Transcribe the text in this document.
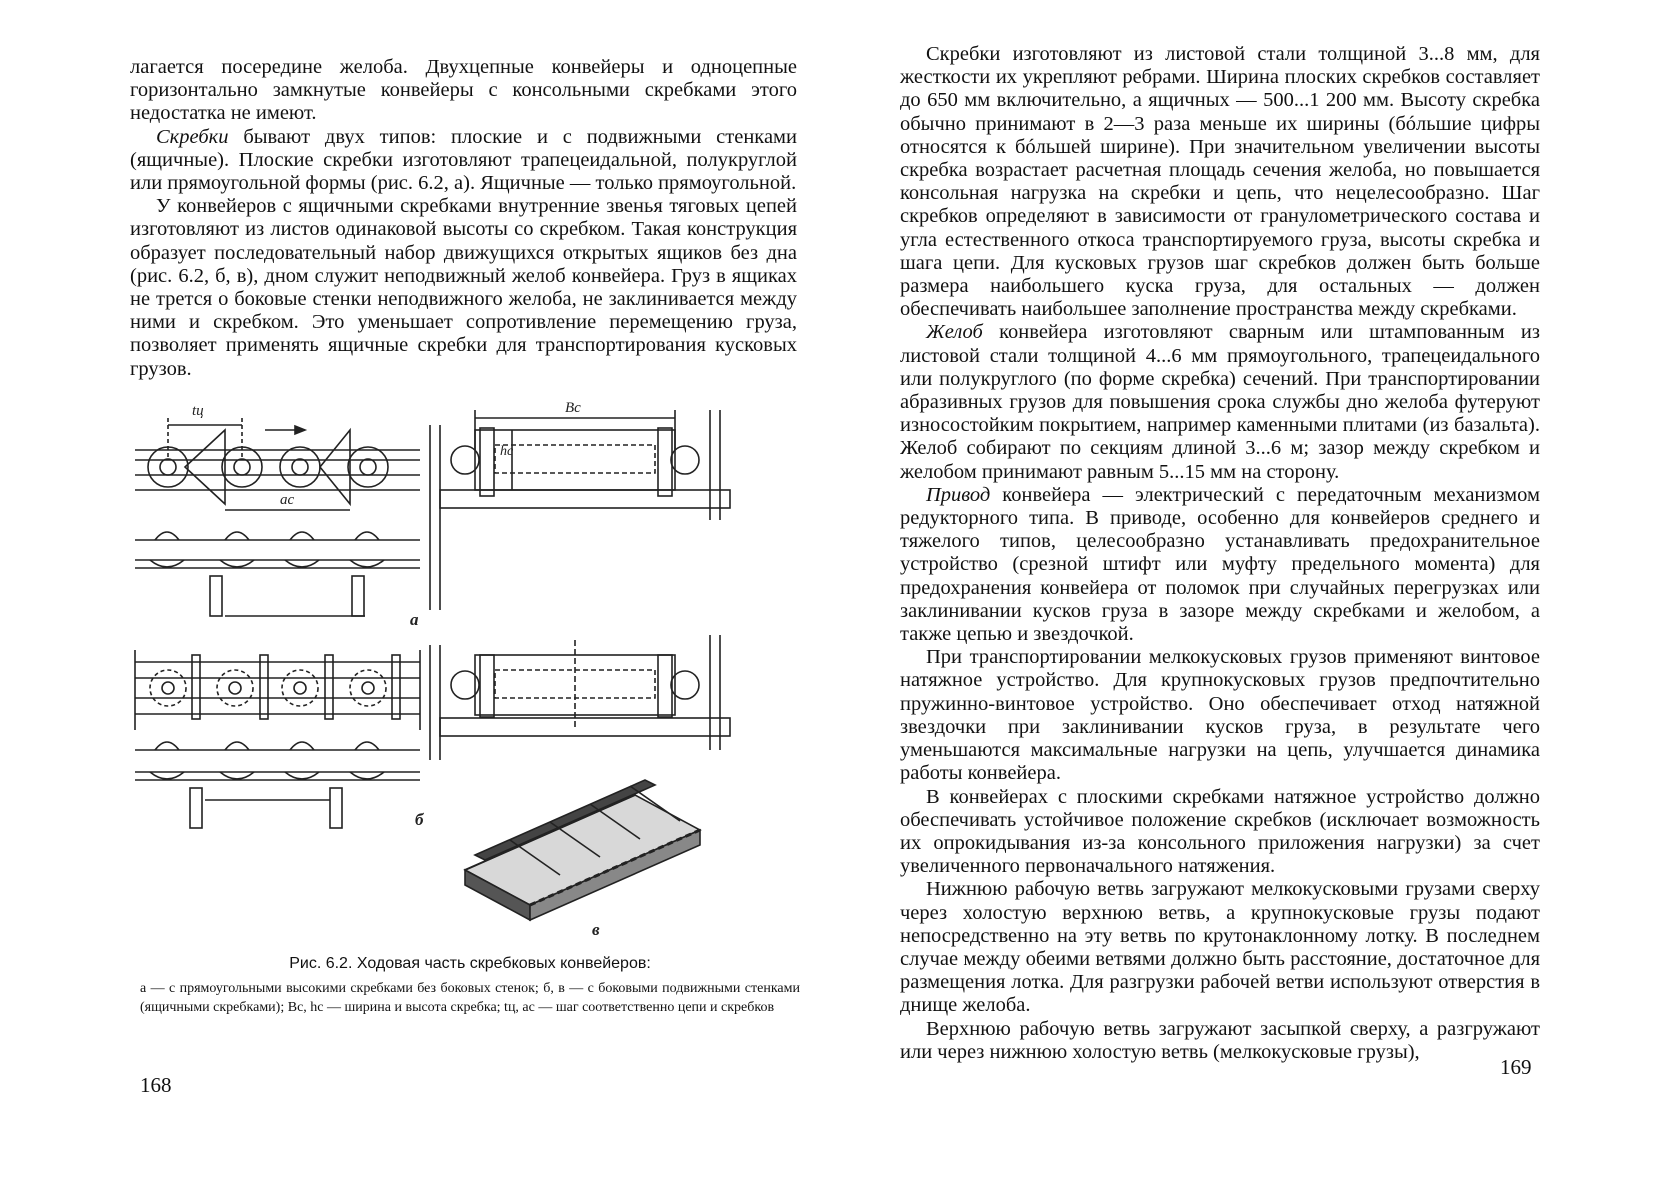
лагается посередине желоба. Двухцепные конвейеры и одноцепные горизонтально замкнутые конвейеры с консольными скребками этого недостатка не имеют.

Скребки бывают двух типов: плоские и с подвижными стенками (ящичные). Плоские скребки изготовляют трапецеидальной, полукруглой или прямоугольной формы (рис. 6.2, а). Ящичные — только прямоугольной.

У конвейеров с ящичными скребками внутренние звенья тяговых цепей изготовляют из листов одинаковой высоты со скребком. Такая конструкция образует последовательный набор движущихся открытых ящиков без дна (рис. 6.2, б, в), дном служит неподвижный желоб конвейера. Груз в ящиках не трется о боковые стенки неподвижного желоба, не заклинивается между ними и скребком. Это уменьшает сопротивление перемещению груза, позволяет применять ящичные скребки для транспортирования кусковых грузов.

tц
aс
Bс
hс
а
б
в

Рис. 6.2. Ходовая часть скребковых конвейеров:

а — с прямоугольными высокими скребками без боковых стенок; б, в — с боковыми подвижными стенками (ящичными скребками); Bс, hс — ширина и высота скребка; tц, aс — шаг соответственно цепи и скребков

168

Скребки изготовляют из листовой стали толщиной 3...8 мм, для жесткости их укрепляют ребрами. Ширина плоских скребков составляет до 650 мм включительно, а ящичных — 500...1 200 мм. Высоту скребка обычно принимают в 2—3 раза меньше их ширины (бóльшие цифры относятся к бóльшей ширине). При значительном увеличении высоты скребка возрастает расчетная площадь сечения желоба, но повышается консольная нагрузка на скребки и цепь, что нецелесообразно. Шаг скребков определяют в зависимости от гранулометрического состава и угла естественного откоса транспортируемого груза, высоты скребка и шага цепи. Для кусковых грузов шаг скребков должен быть больше размера наибольшего куска груза, для остальных — должен обеспечивать наибольшее заполнение пространства между скребками.

Желоб конвейера изготовляют сварным или штампованным из листовой стали толщиной 4...6 мм прямоугольного, трапецеидального или полукруглого (по форме скребка) сечений. При транспортировании абразивных грузов для повышения срока службы дно желоба футеруют износостойким покрытием, например каменными плитами (из базальта). Желоб собирают по секциям длиной 3...6 м; зазор между скребком и желобом принимают равным 5...15 мм на сторону.

Привод конвейера — электрический с передаточным механизмом редукторного типа. В приводе, особенно для конвейеров среднего и тяжелого типов, целесообразно устанавливать предохранительное устройство (срезной штифт или муфту предельного момента) для предохранения конвейера от поломок при случайных перегрузках или заклинивании кусков груза в зазоре между скребками и желобом, а также цепью и звездочкой.

При транспортировании мелкокусковых грузов применяют винтовое натяжное устройство. Для крупнокусковых грузов предпочтительно пружинно-винтовое устройство. Оно обеспечивает отход натяжной звездочки при заклинивании кусков груза, в результате чего уменьшаются максимальные нагрузки на цепь, улучшается динамика работы конвейера.

В конвейерах с плоскими скребками натяжное устройство должно обеспечивать устойчивое положение скребков (исключает возможность их опрокидывания из-за консольного приложения нагрузки) за счет увеличенного первоначального натяжения.

Нижнюю рабочую ветвь загружают мелкокусковыми грузами сверху через холостую верхнюю ветвь, а крупнокусковые грузы подают непосредственно на эту ветвь по крутонаклонному лотку. В последнем случае между обеими ветвями должно быть расстояние, достаточное для размещения лотка. Для разгрузки рабочей ветви используют отверстия в днище желоба.

Верхнюю рабочую ветвь загружают засыпкой сверху, а разгружают или через нижнюю холостую ветвь (мелкокусковые грузы),

169
